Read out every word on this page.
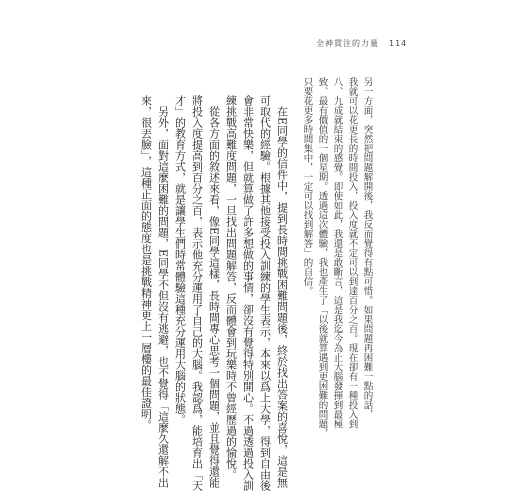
全神貫注的力量 114
另一方面，突然把問題解開後，我反而覺得有點可惜。如果問題再困難一點的話，
我就可以花更長的時間投入，投入度就不定可以到達百分之百。現在卻有一種投入到
八、九成就結束的感覺。即使如此，我還是敢斷言，這是我迄今為止大腦發揮到最極
致、最有價值的一個星期。透過這次體驗，我也產生了「以後就算遇到更困難的問題，
只要花更多時間集中，一定可以找到解答」的自信。
在E同學的信件中，提到長時間挑戰困難問題後，終於找出答案的喜悅，這是無
可取代的經驗。根據其他接受投入訓練的學生表示，本來以爲上大學，得到自由後
會非常快樂，但就算做了許多想做的事情，卻沒有覺得特別開心。不過透過投入訓
練挑戰高難度問題，一旦找出問題解答，反而體會到玩樂時不曾經歷過的愉悅。
從各方面的敘述來看，像E同學這樣，長時間專心思考一個問題，並且覺得還能
將投入度提高到百分之百，表示他充分運用了自己的大腦。我認爲，能培育出「天
才」的教育方式，就是讓學生們時常體驗這種充分運用大腦的狀態。
另外，面對這麼困難的問題，E同學不但沒有逃避，也不覺得「這麼久還解不出
來，很丟臉」，這種正面的態度也是挑戰精神更上一層樓的最佳證明。
